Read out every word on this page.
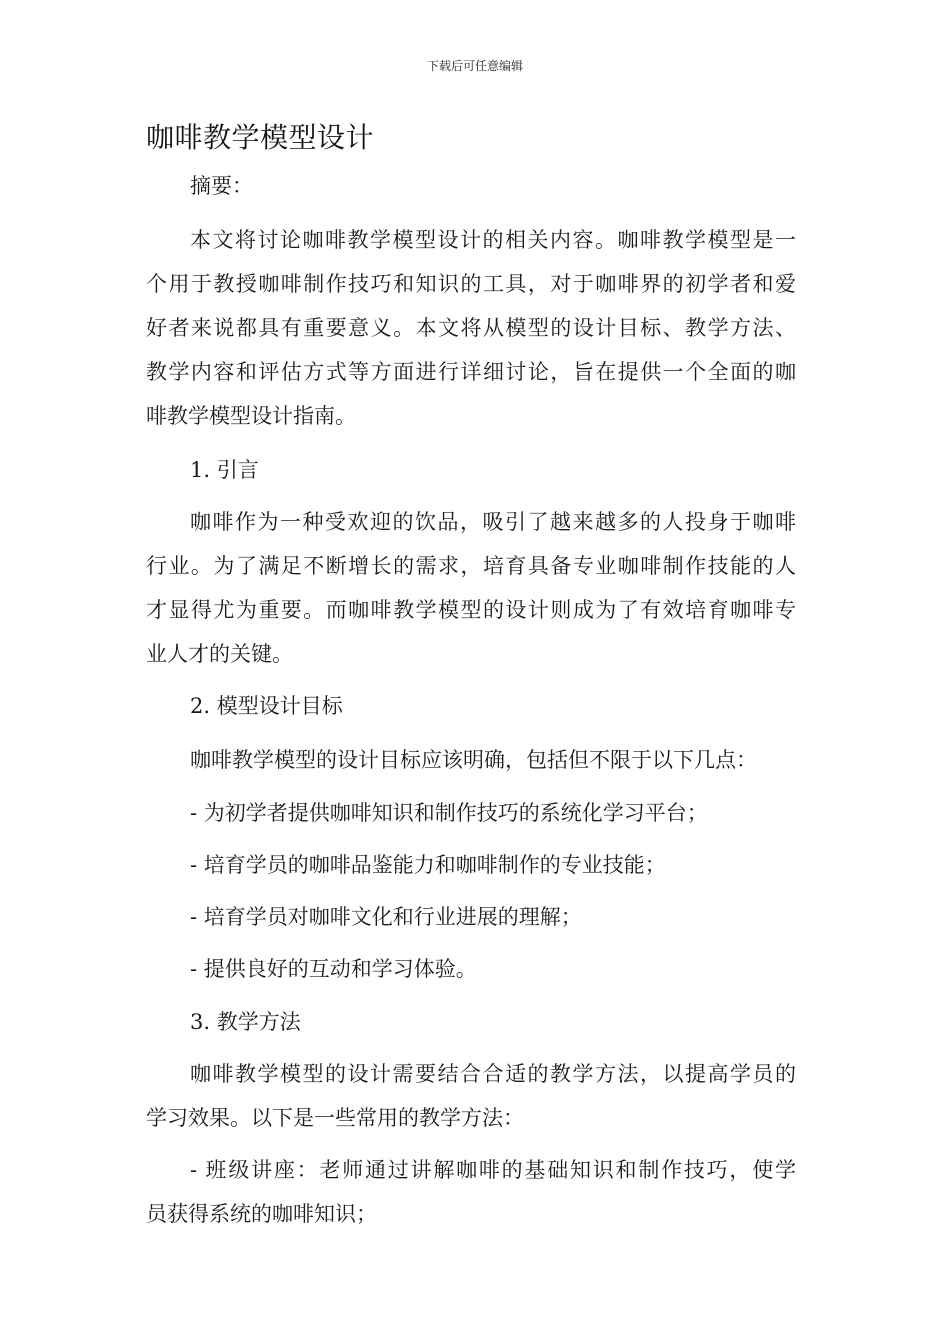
下载后可任意编辑
咖啡教学模型设计

摘要：

本文将讨论咖啡教学模型设计的相关内容。咖啡教学模型是一

个用于教授咖啡制作技巧和知识的工具，对于咖啡界的初学者和爱

好者来说都具有重要意义。本文将从模型的设计目标、教学方法、

教学内容和评估方式等方面进行详细讨论，旨在提供一个全面的咖

啡教学模型设计指南。

1. 引言

咖啡作为一种受欢迎的饮品，吸引了越来越多的人投身于咖啡

行业。为了满足不断增长的需求，培育具备专业咖啡制作技能的人

才显得尤为重要。而咖啡教学模型的设计则成为了有效培育咖啡专

业人才的关键。

2. 模型设计目标

咖啡教学模型的设计目标应该明确，包括但不限于以下几点：

- 为初学者提供咖啡知识和制作技巧的系统化学习平台；

- 培育学员的咖啡品鉴能力和咖啡制作的专业技能；

- 培育学员对咖啡文化和行业进展的理解；

- 提供良好的互动和学习体验。

3. 教学方法

咖啡教学模型的设计需要结合合适的教学方法，以提高学员的

学习效果。以下是一些常用的教学方法：

- 班级讲座：老师通过讲解咖啡的基础知识和制作技巧，使学

员获得系统的咖啡知识；
